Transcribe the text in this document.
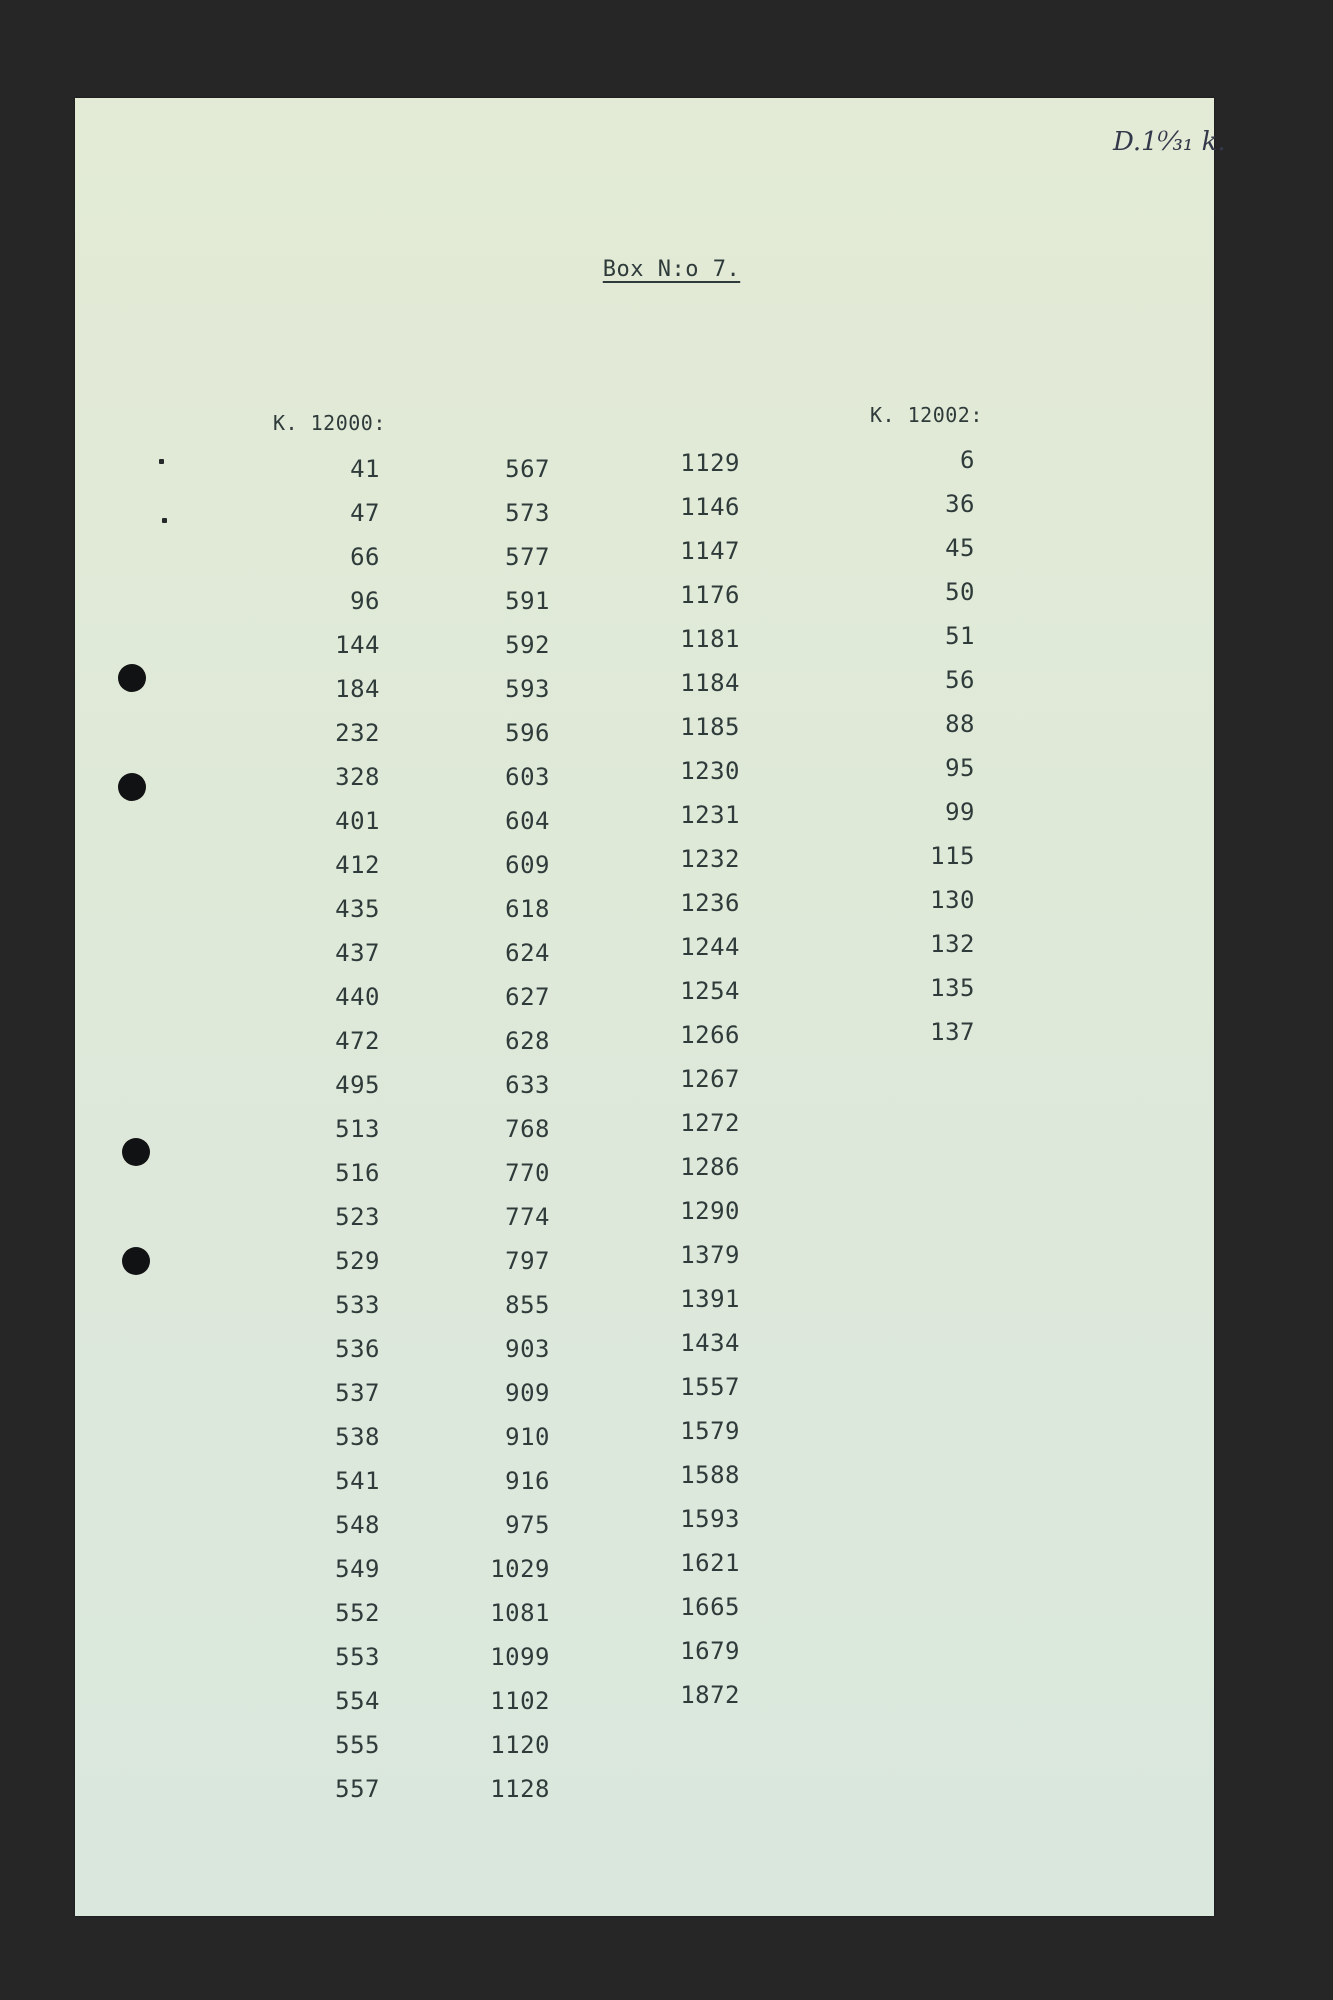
D.1⁰⁄₃₁ k.
Box N:o 7.
K. 12000:	K. 12002:
41
47
66
96
144
184
232
328
401
412
435
437
440
472
495
513
516
523
529
533
536
537
538
541
548
549
552
553
554
555
557
567
573
577
591
592
593
596
603
604
609
618
624
627
628
633
768
770
774
797
855
903
909
910
916
975
1029
1081
1099
1102
1120
1128
1129
1146
1147
1176
1181
1184
1185
1230
1231
1232
1236
1244
1254
1266
1267
1272
1286
1290
1379
1391
1434
1557
1579
1588
1593
1621
1665
1679
1872
6
36
45
50
51
56
88
95
99
115
130
132
135
137
